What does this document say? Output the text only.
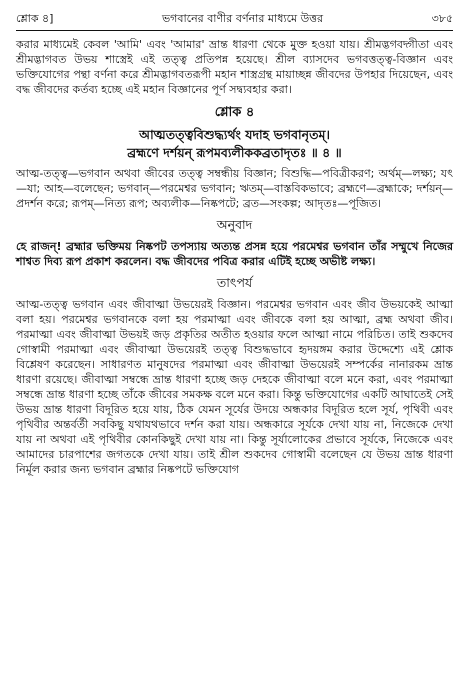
শ্লোক ৪]	ভগবানের বাণীর বর্ণনার মাধ্যমে উত্তর	৩৮৫

করার মাধ্যমেই কেবল 'আমি' এবং 'আমার' ভ্রান্ত ধারণা থেকে মুক্ত হওয়া যায়। শ্রীমদ্ভগবদ্গীতা এবং শ্রীমদ্ভাগবত উভয় শাস্ত্রেই এই তত্ত্ব প্রতিপন্ন হয়েছে। শ্রীল ব্যাসদেব ভগবত্তত্ত্ব-বিজ্ঞান এবং ভক্তিযোগের পন্থা বর্ণনা করে শ্রীমদ্ভাগবতরূপী মহান শাস্ত্রগ্রন্থ মায়াচ্ছন্ন জীবদের উপহার দিয়েছেন, এবং বদ্ধ জীবদের কর্তব্য হচ্ছে এই মহান বিজ্ঞানের পূর্ণ সদ্ব্যবহার করা।

শ্লোক ৪
আত্মতত্ত্ববিশুদ্ধ্যর্থং যদাহ ভগবানৃতম্।
ব্রহ্মণে দর্শয়ন্ রূপমব্যলীককব্রতাদৃতঃ ॥ ৪ ॥

আত্ম-তত্ত্ব—ভগবান অথবা জীবের তত্ত্ব সম্বন্ধীয় বিজ্ঞান; বিশুদ্ধি—পবিত্রীকরণ; অর্থম্—লক্ষ্য; যৎ—যা; আহ—বলেছেন; ভগবান্—পরমেশ্বর ভগবান; ঋতম্—বাস্তবিকভাবে; ব্রহ্মণে—ব্রহ্মাকে; দর্শয়ন্—প্রদর্শন করে; রূপম্—নিত্য রূপ; অব্যলীক—নিষ্কপটে; ব্রত—সংকল্প; আদৃতঃ—পূজিত।

অনুবাদ

হে রাজন্! ব্রহ্মার ভক্তিময় নিষ্কপট তপস্যায় অত্যন্ত প্রসন্ন হয়ে পরমেশ্বর ভগবান তাঁর সম্মুখে নিজের শাশ্বত দিব্য রূপ প্রকাশ করলেন। বদ্ধ জীবদের পবিত্র করার এটিই হচ্ছে অভীষ্ট লক্ষ্য।

তাৎপর্য

আত্ম-তত্ত্ব ভগবান এবং জীবাত্মা উভয়েরই বিজ্ঞান। পরমেশ্বর ভগবান এবং জীব উভয়কেই আত্মা বলা হয়। পরমেশ্বর ভগবানকে বলা হয় পরমাত্মা এবং জীবকে বলা হয় আত্মা, ব্রহ্ম অথবা জীব। পরমাত্মা এবং জীবাত্মা উভয়ই জড় প্রকৃতির অতীত হওয়ার ফলে আত্মা নামে পরিচিত। তাই শুকদেব গোস্বামী পরমাত্মা এবং জীবাত্মা উভয়েরই তত্ত্ব বিশুদ্ধভাবে হৃদয়ঙ্গম করার উদ্দেশ্যে এই শ্লোক বিশ্লেষণ করেছেন। সাধারণত মানুষদের পরমাত্মা এবং জীবাত্মা উভয়েরই সম্পর্কের নানারকম ভ্রান্ত ধারণা রয়েছে। জীবাত্মা সম্বন্ধে ভ্রান্ত ধারণা হচ্ছে জড় দেহকে জীবাত্মা বলে মনে করা, এবং পরমাত্মা সম্বন্ধে ভ্রান্ত ধারণা হচ্ছে তাঁকে জীবের সমকক্ষ বলে মনে করা। কিন্তু ভক্তিযোগের একটি আঘাতেই সেই উভয় ভ্রান্ত ধারণা বিদূরিত হয়ে যায়, ঠিক যেমন সূর্যের উদয়ে অন্ধকার বিদূরিত হলে সূর্য, পৃথিবী এবং পৃথিবীর অন্তর্বর্তী সবকিছু যথাযথভাবে দর্শন করা যায়। অন্ধকারে সূর্যকে দেখা যায় না, নিজেকে দেখা যায় না অথবা এই পৃথিবীর কোনকিছুই দেখা যায় না। কিন্তু সূর্যালোকের প্রভাবে সূর্যকে, নিজেকে এবং আমাদের চারপাশের জগতকে দেখা যায়। তাই শ্রীল শুকদেব গোস্বামী বলেছেন যে উভয় ভ্রান্ত ধারণা নির্মূল করার জন্য ভগবান ব্রহ্মার নিষ্কপটে ভক্তিযোগ
